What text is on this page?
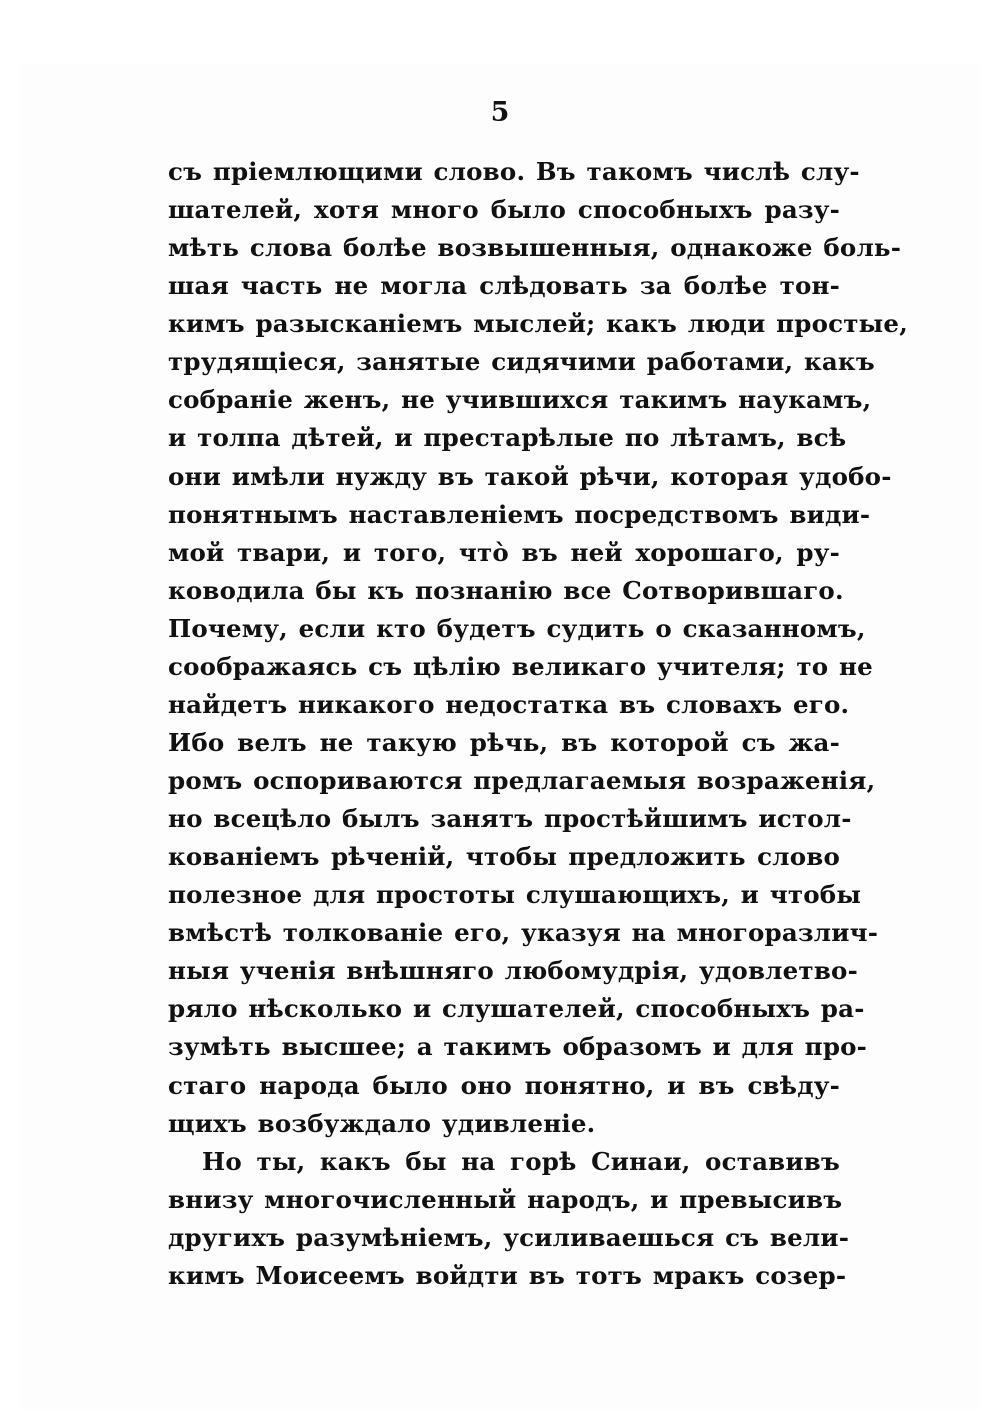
5
съ пріемлющими слово. Въ такомъ числѣ слу-
шателей, хотя много было способныхъ разу-
мѣть слова болѣе возвышенныя, однакоже боль-
шая часть не могла слѣдовать за болѣе тон-
кимъ разысканіемъ мыслей; какъ люди простые,
трудящіеся, занятые сидячими работами, какъ
собраніе женъ, не учившихся такимъ наукамъ,
и толпа дѣтей, и престарѣлые по лѣтамъ, всѣ
они имѣли нужду въ такой рѣчи, которая удобо-
понятнымъ наставленіемъ посредствомъ види-
мой твари, и того, чтò въ ней хорошаго, ру-
ководила бы къ познанію все Сотворившаго.
Почему, если кто будетъ судить о сказанномъ,
соображаясь съ цѣлію великаго учителя; то не
найдетъ никакого недостатка въ словахъ его.
Ибо велъ не такую рѣчь, въ которой съ жа-
ромъ оспориваются предлагаемыя возраженія,
но всецѣло былъ занятъ простѣйшимъ истол-
кованіемъ рѣченій, чтобы предложить слово
полезное для простоты слушающихъ, и чтобы
вмѣстѣ толкованіе его, указуя на многоразлич-
ныя ученія внѣшняго любомудрія, удовлетво-
ряло нѣсколько и слушателей, способныхъ ра-
зумѣть высшее; а такимъ образомъ и для про-
стаго народа было оно понятно, и въ свѣду-
щихъ возбуждало удивленіе.
Но ты, какъ бы на горѣ Синаи, оставивъ
внизу многочисленный народъ, и превысивъ
другихъ разумѣніемъ, усиливаешься съ вели-
кимъ Моисеемъ войдти въ тотъ мракъ созер-
